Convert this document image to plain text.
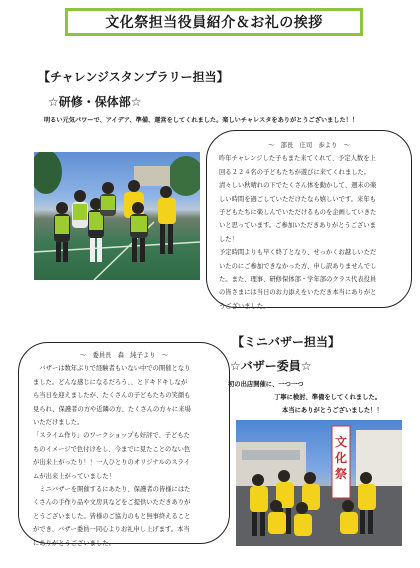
文化祭担当役員紹介＆お礼の挨拶
【チャレンジスタンプラリー担当】
☆研修・保体部☆
明るい元気パワーで、アイデア、準備、運営をしてくれました。楽しいチャレスタをありがとうございました！！

～　部長　庄司　歩より　～

昨年チャレンジした子もまた来てくれて、予定人数を上

回る２２４名の子どもたちが遊びに来てくれました。

清々しい秋晴れの下でたくさん体を動かして、週末の楽

しい時間を過ごしていただけたなら嬉しいです。来年も

子どもたちに楽しんでいただけるものを企画していきた

いと思っています。ご参加いただきありがとうございま

した！

予定時間よりも早く終了となり、せっかくお越しいただ

いたのにご参加できなかった方、申し訳ありませんでし

た。また、理事、研修保体部・学年部のクラス代表役員

の皆さまには当日のお力添えをいただき本当にありがと

うございました。

～　委員長　森　純子より　～

　バザーは数年ぶりで経験者もいない中での開催となり

ました。どんな感じになるだろう、、とドキドキしなが

ら当日を迎えましたが、たくさんの子どもたちの笑顔も

見られ、保護者の方や近隣の方、たくさんの方々に来場

いただけました。

「スライム作り」のワークショップも好評で、子どもた

ちのイメージで色付けをし、今までに見たことのない色

が出来上がったり！！一人ひとりのオリジナルのスライ

ムが出来上がっていました！

　ミニバザーを開催するにあたり、保護者の皆様にはた

くさんの手作り品や文房具などをご提供いただきありが

とうございました。皆様のご協力のもと無事終えること

ができ、バザー委員一同心よりお礼申し上げます。本当

にありがとうございました。

【ミニバザー担当】
☆バザー委員☆
初の出店開催に、一つ一つ
丁寧に検討、準備をしてくれました。
本当にありがとうございました！！
文
化
祭
